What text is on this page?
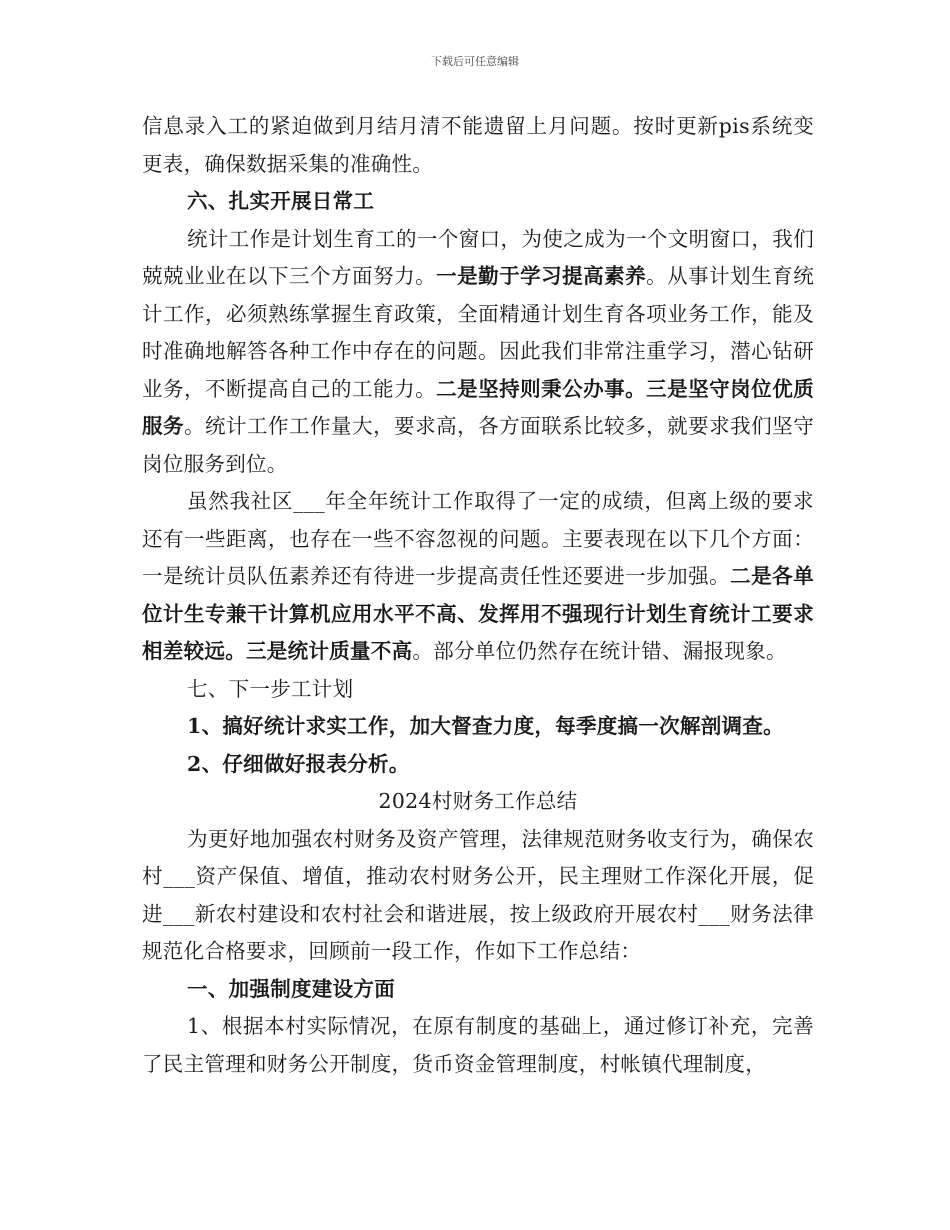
下载后可任意编辑

信息录入工的紧迫做到月结月清不能遗留上月问题。按时更新pis系统变更表，确保数据采集的准确性。

六、扎实开展日常工

统计工作是计划生育工的一个窗口，为使之成为一个文明窗口，我们兢兢业业在以下三个方面努力。一是勤于学习提高素养。从事计划生育统计工作，必须熟练掌握生育政策，全面精通计划生育各项业务工作，能及时准确地解答各种工作中存在的问题。因此我们非常注重学习，潜心钻研业务，不断提高自己的工能力。二是坚持则秉公办事。三是坚守岗位优质服务。统计工作工作量大，要求高，各方面联系比较多，就要求我们坚守岗位服务到位。

虽然我社区___年全年统计工作取得了一定的成绩，但离上级的要求还有一些距离，也存在一些不容忽视的问题。主要表现在以下几个方面：一是统计员队伍素养还有待进一步提高责任性还要进一步加强。二是各单位计生专兼干计算机应用水平不高、发挥用不强现行计划生育统计工要求相差较远。三是统计质量不高。部分单位仍然存在统计错、漏报现象。

七、下一步工计划

1、搞好统计求实工作，加大督查力度，每季度搞一次解剖调查。

2、仔细做好报表分析。

2024村财务工作总结

为更好地加强农村财务及资产管理，法律规范财务收支行为，确保农村___资产保值、增值，推动农村财务公开，民主理财工作深化开展，促进___新农村建设和农村社会和谐进展，按上级政府开展农村___财务法律规范化合格要求，回顾前一段工作，作如下工作总结：

一、加强制度建设方面

1、根据本村实际情况，在原有制度的基础上，通过修订补充，完善了民主管理和财务公开制度，货币资金管理制度，村帐镇代理制度，
